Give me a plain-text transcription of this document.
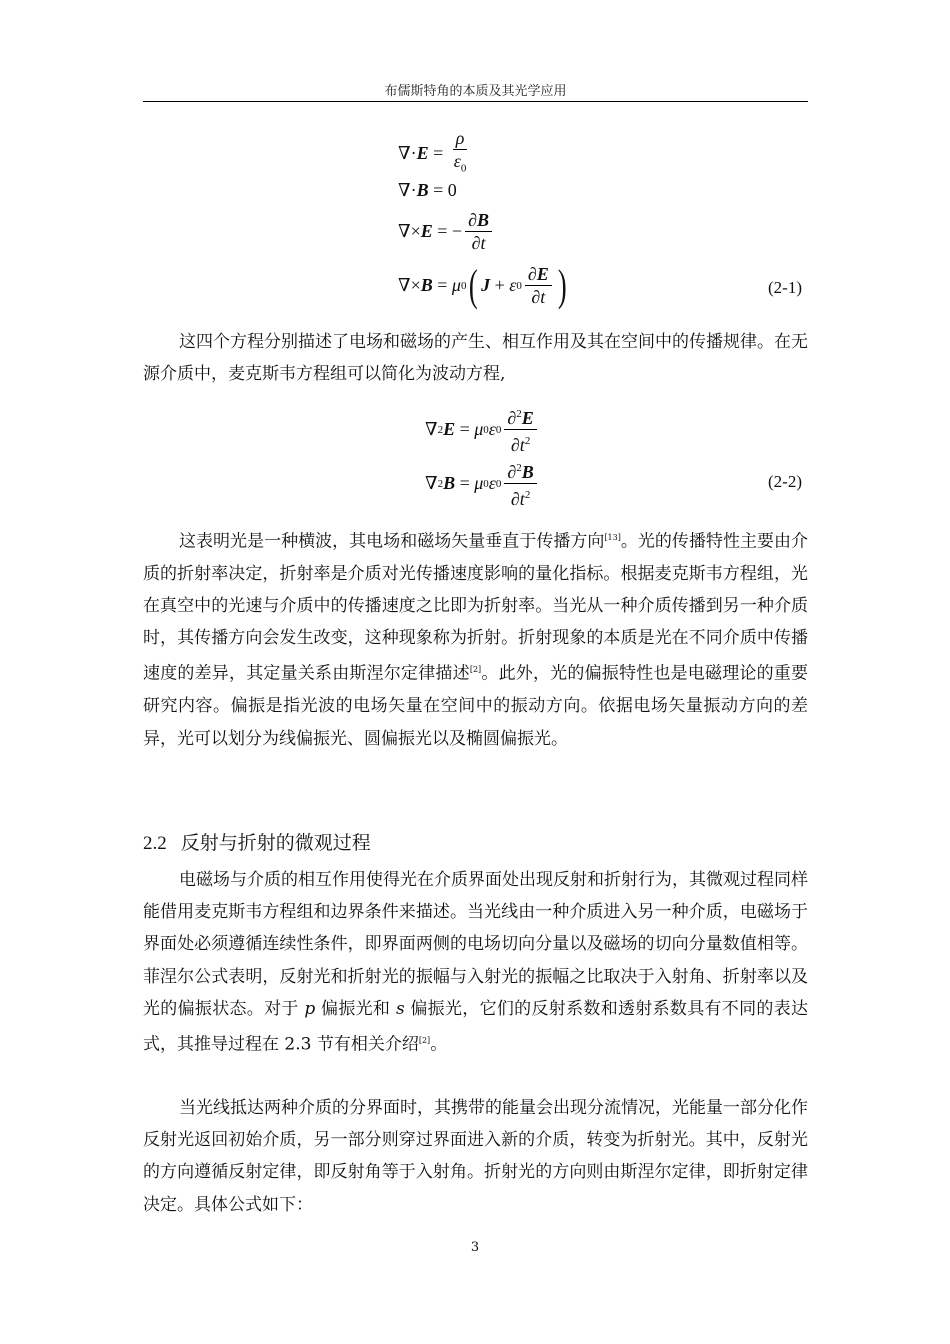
布儒斯特角的本质及其光学应用
∇· $E = \frac{\rho}{\varepsilon_0}$
∇· B = 0
∇× E = − $\frac{\partial B}{\partial t}$
∇× B = μ 0 ( J + ε $0 \frac{\partial E}{\partial t}$ )	(2-1)

这四个方程分别描述了电场和磁场的产生、相互作用及其在空间中的传播规律。在无源介质中，麦克斯韦方程组可以简化为波动方程,

∇ 2 E = μ 0 ε $0 \frac{\partial^2E}{\partial t^2}$
∇ 2 B = μ 0 ε $0 \frac{\partial^2B}{\partial t^2}$	(2-2)

这表明光是一种横波，其电场和磁场矢量垂直于传播方向[13]。光的传播特性主要由介质的折射率决定，折射率是介质对光传播速度影响的量化指标。根据麦克斯韦方程组，光在真空中的光速与介质中的传播速度之比即为折射率。当光从一种介质传播到另一种介质时，其传播方向会发生改变，这种现象称为折射。折射现象的本质是光在不同介质中传播速度的差异，其定量关系由斯涅尔定律描述[2]。此外，光的偏振特性也是电磁理论的重要研究内容。偏振是指光波的电场矢量在空间中的振动方向。依据电场矢量振动方向的差异，光可以划分为线偏振光、圆偏振光以及椭圆偏振光。

2.2 反射与折射的微观过程

电磁场与介质的相互作用使得光在介质界面处出现反射和折射行为，其微观过程同样能借用麦克斯韦方程组和边界条件来描述。当光线由一种介质进入另一种介质，电磁场于界面处必须遵循连续性条件，即界面两侧的电场切向分量以及磁场的切向分量数值相等。菲涅尔公式表明，反射光和折射光的振幅与入射光的振幅之比取决于入射角、折射率以及光的偏振状态。对于 p 偏振光和 s 偏振光，它们的反射系数和透射系数具有不同的表达式，其推导过程在 2.3 节有相关介绍[2]。

当光线抵达两种介质的分界面时，其携带的能量会出现分流情况，光能量一部分化作反射光返回初始介质，另一部分则穿过界面进入新的介质，转变为折射光。其中，反射光的方向遵循反射定律，即反射角等于入射角。折射光的方向则由斯涅尔定律，即折射定律决定。具体公式如下：

3
